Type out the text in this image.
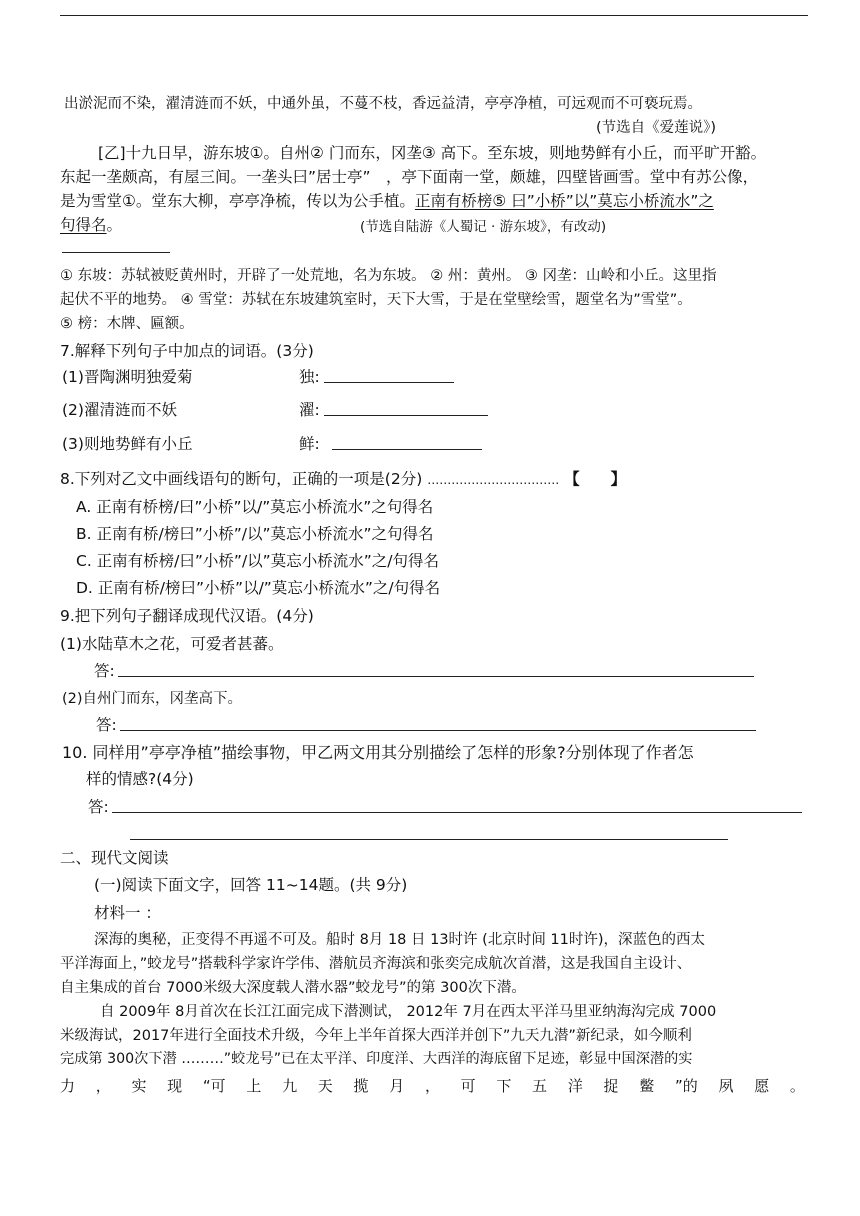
出淤泥而不染，濯清涟而不妖，中通外虽，不蔓不枝，香远益清，亭亭净植，可远观而不可亵玩焉。
(节选自《爱莲说》)
[乙]十九日早，游东坡①。自州② 门而东，冈垄③ 高下。至东坡，则地势鲜有小丘，而平旷开豁。
东起一垄颇高，有屋三间。一垄头曰”居士亭”　，亭下面南一堂，颇雄，四壁皆画雪。堂中有苏公像，
是为雪堂①。堂东大柳，亭亭净梳，传以为公手植。正南有桥榜⑤ 曰”小桥”以”莫忘小桥流水”之
句得名。	(节选自陆游《人蜀记 · 游东坡》，有改动)
① 东坡：苏轼被贬黄州时，开辟了一处荒地，名为东坡。 ② 州：黄州。 ③ 冈垄：山岭和小丘。这里指
起伏不平的地势。 ④ 雪堂：苏轼在东坡建筑室时，天下大雪，于是在堂壁绘雪，题堂名为”雪堂”。
⑤ 榜：木牌、匾额。
7.解释下列句子中加点的词语。(3分)
(1)晋陶渊明独爱菊	独:
(2)濯清涟而不妖	濯:
(3)则地势鲜有小丘	鲜:
8.下列对乙文中画线语句的断句，正确的一项是(2分) …………………………… 【　　】
A. 正南有桥榜/曰”小桥”以/”莫忘小桥流水”之句得名
B. 正南有桥/榜曰”小桥”/以”莫忘小桥流水”之句得名
C. 正南有桥榜/曰”小桥”/以”莫忘小桥流水”之/句得名
D. 正南有桥/榜曰”小桥”以/”莫忘小桥流水”之/句得名
9.把下列句子翻译成现代汉语。(4分)
(1)水陆草木之花，可爱者甚蕃。
答:
(2)自州门而东，冈垄高下。
答:
10. 同样用”亭亭净植”描绘事物，甲乙两文用其分别描绘了怎样的形象?分别体现了作者怎
样的情感?(4分)
答:
二、现代文阅读
(一)阅读下面文字，回答 11~14题。(共 9分)
材料一 ：
深海的奥秘，正变得不再遥不可及。船时 8月 18 日 13时许 (北京时间 11时许)，深蓝色的西太
平洋海面上，”蛟龙号”搭载科学家许学伟、潜航员齐海滨和张奕完成航次首潜，这是我国自主设计、
自主集成的首台 7000米级大深度载人潜水器”蛟龙号”的第 300次下潜。
自 2009年 8月首次在长江江面完成下潜测试， 2012年 7月在西太平洋马里亚纳海沟完成 7000
米级海试，2017年进行全面技术升级，今年上半年首探大西洋并创下”九天九潜”新纪录，如今顺利
完成第 300次下潜 ………”蛟龙号”已在太平洋、印度洋、大西洋的海底留下足迹，彰显中国深潜的实
力 ， 实 现 “可 上 九 天 揽 月 ， 可 下 五 洋 捉 鳖 ”的 夙 愿 。
